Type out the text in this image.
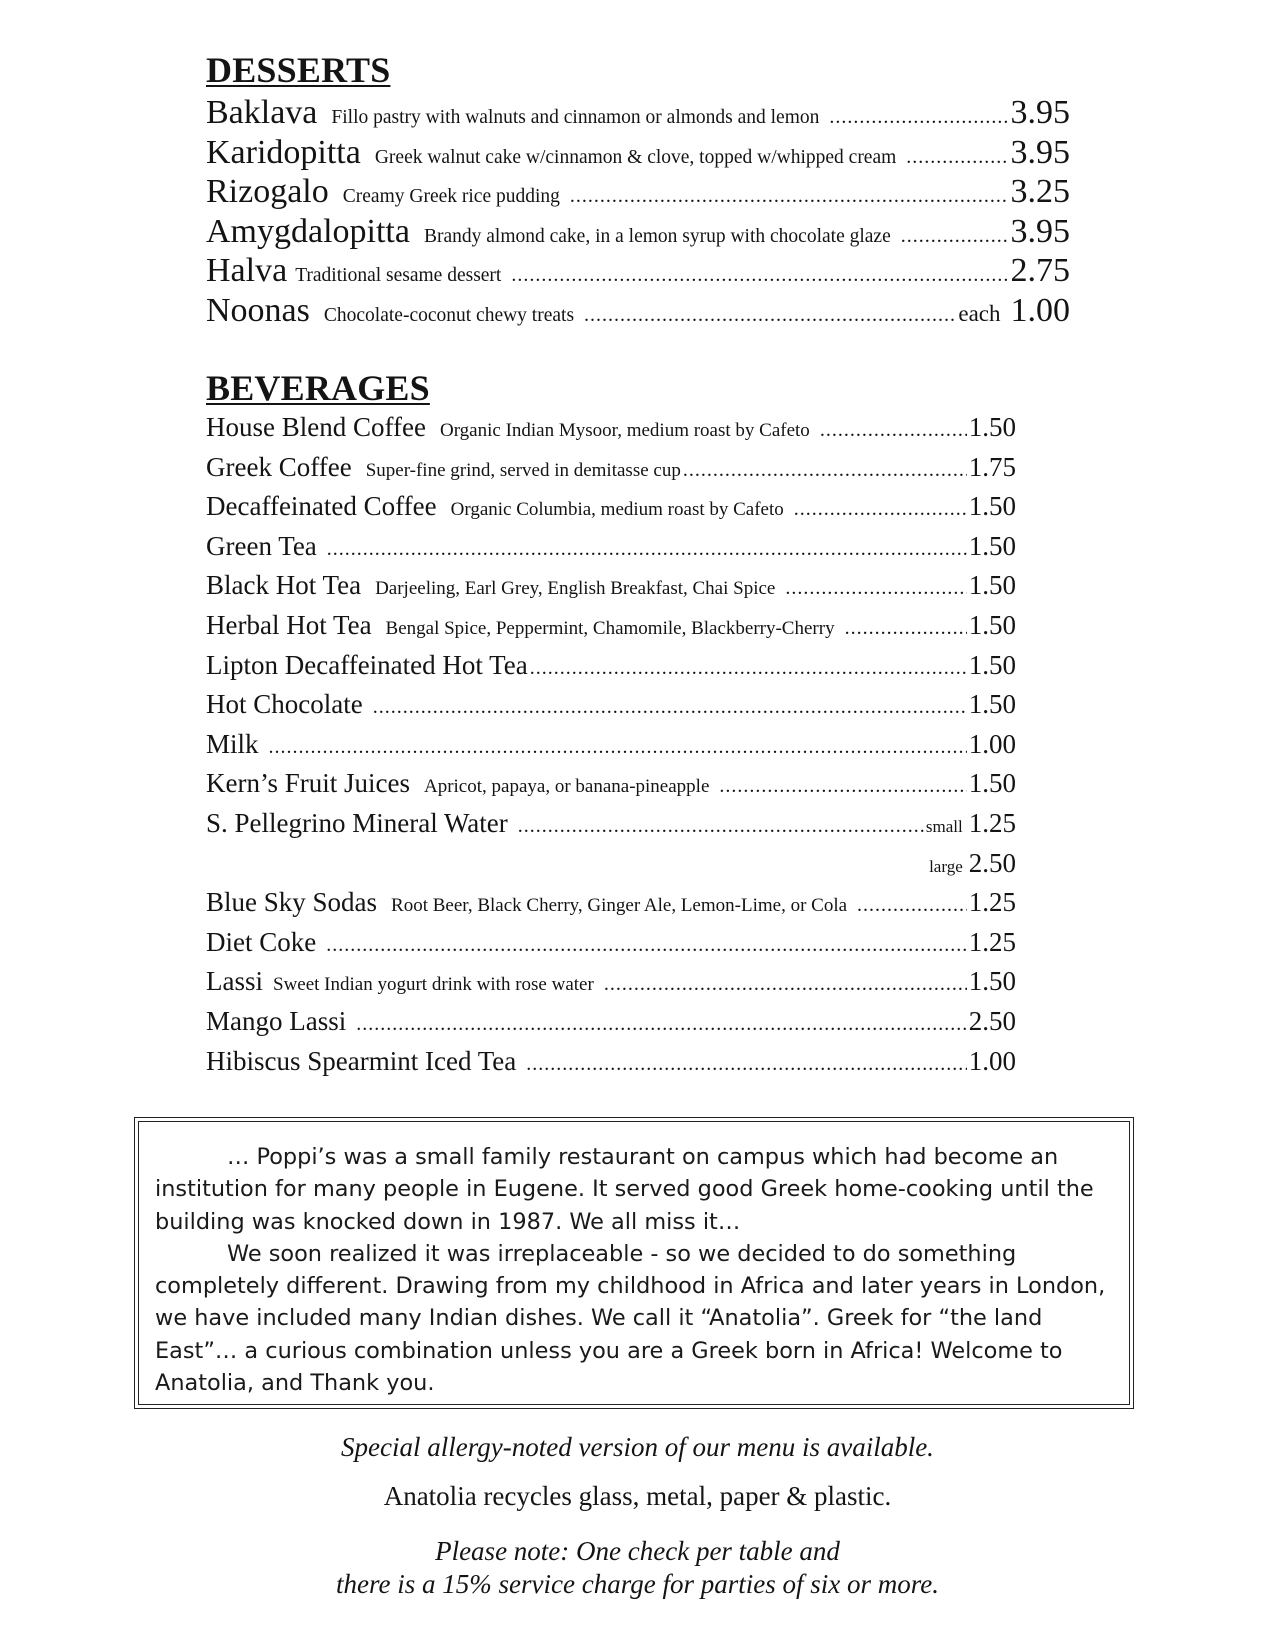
DESSERTS
Baklava Fillo pastry with walnuts and cinnamon or almonds and lemon .....	3.95
Karidopitta Greek walnut cake w/cinnamon & clove, topped w/whipped cream .....	3.95
Rizogalo Creamy Greek rice pudding .....	3.25
Amygdalopitta Brandy almond cake, in a lemon syrup with chocolate glaze .....	3.95
Halva Traditional sesame dessert .....	2.75
Noonas Chocolate-coconut chewy treats .....	each 1.00
BEVERAGES
House Blend Coffee Organic Indian Mysoor, medium roast by Cafeto .....	1.50
Greek Coffee Super-fine grind, served in demitasse cup .....	1.75
Decaffeinated Coffee Organic Columbia, medium roast by Cafeto .....	1.50
Green Tea .....	1.50
Black Hot Tea Darjeeling, Earl Grey, English Breakfast, Chai Spice .....	1.50
Herbal Hot Tea Bengal Spice, Peppermint, Chamomile, Blackberry-Cherry .....	1.50
Lipton Decaffeinated Hot Tea .....	1.50
Hot Chocolate .....	1.50
Milk .....	1.00
Kern’s Fruit Juices Apricot, papaya, or banana-pineapple .....	1.50
S. Pellegrino Mineral Water .....	small 1.25
large 2.50
Blue Sky Sodas Root Beer, Black Cherry, Ginger Ale, Lemon-Lime, or Cola .....	1.25
Diet Coke .....	1.25
Lassi Sweet Indian yogurt drink with rose water .....	1.50
Mango Lassi .....	2.50
Hibiscus Spearmint Iced Tea .....	1.00

… Poppi’s was a small family restaurant on campus which had become an institution for many people in Eugene. It served good Greek home-cooking until the building was knocked down in 1987. We all miss it…

We soon realized it was irreplaceable - so we decided to do something completely different. Drawing from my childhood in Africa and later years in London, we have included many Indian dishes. We call it “Anatolia”. Greek for “the land East”… a curious combination unless you are a Greek born in Africa! Welcome to Anatolia, and Thank you.

Special allergy-noted version of our menu is available.
Anatolia recycles glass, metal, paper & plastic.
Please note: One check per table and
there is a 15% service charge for parties of six or more.
